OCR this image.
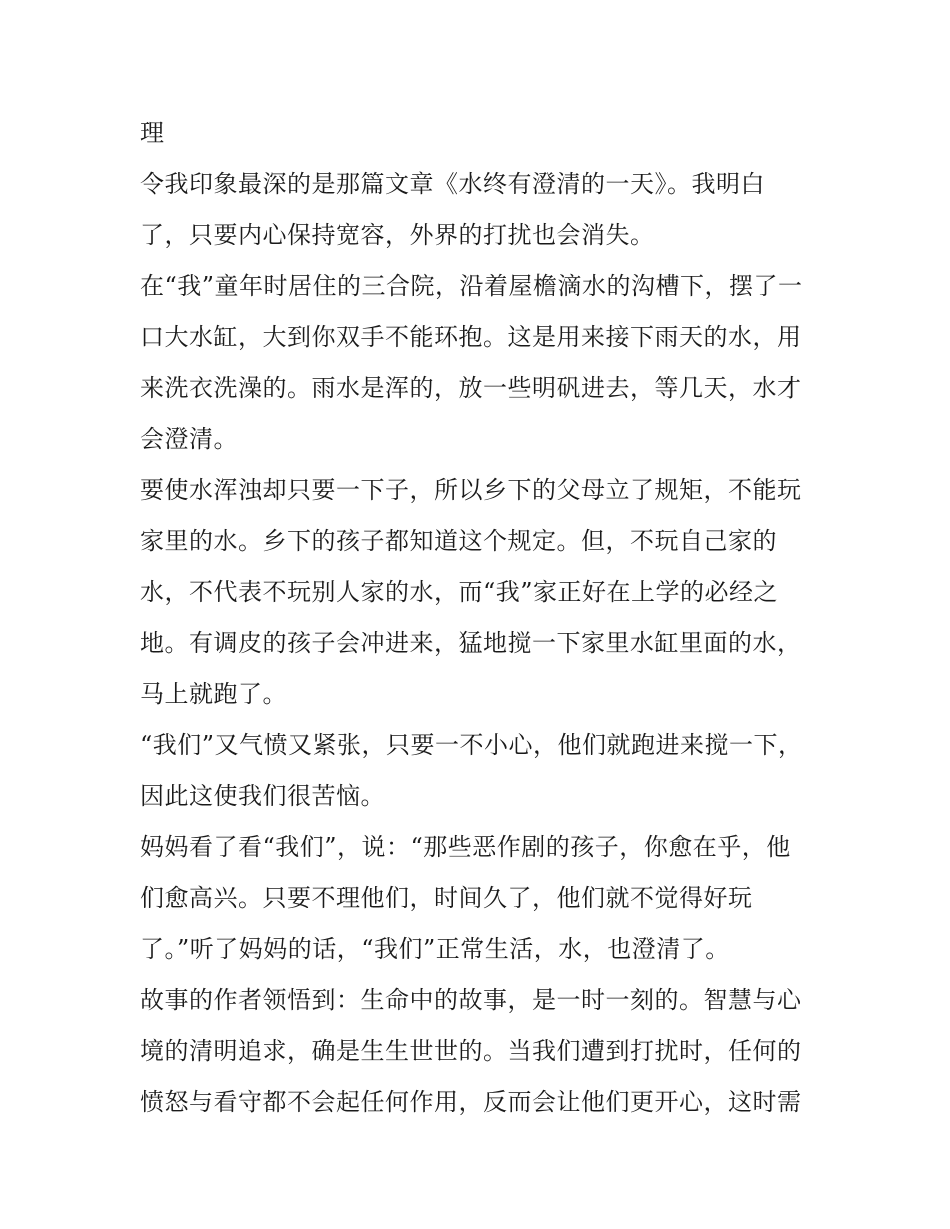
理
令我印象最深的是那篇文章《水终有澄清的一天》。我明白
了，只要内心保持宽容，外界的打扰也会消失。
在“我”童年时居住的三合院，沿着屋檐滴水的沟槽下，摆了一
口大水缸，大到你双手不能环抱。这是用来接下雨天的水，用
来洗衣洗澡的。雨水是浑的，放一些明矾进去，等几天，水才
会澄清。
要使水浑浊却只要一下子，所以乡下的父母立了规矩，不能玩
家里的水。乡下的孩子都知道这个规定。但，不玩自己家的
水，不代表不玩别人家的水，而“我”家正好在上学的必经之
地。有调皮的孩子会冲进来，猛地搅一下家里水缸里面的水，
马上就跑了。
“我们”又气愤又紧张，只要一不小心，他们就跑进来搅一下，
因此这使我们很苦恼。
妈妈看了看“我们”，说：“那些恶作剧的孩子，你愈在乎，他
们愈高兴。只要不理他们，时间久了，他们就不觉得好玩
了。”听了妈妈的话，“我们”正常生活，水，也澄清了。
故事的作者领悟到：生命中的故事，是一时一刻的。智慧与心
境的清明追求，确是生生世世的。当我们遭到打扰时，任何的
愤怒与看守都不会起任何作用，反而会让他们更开心，这时需
